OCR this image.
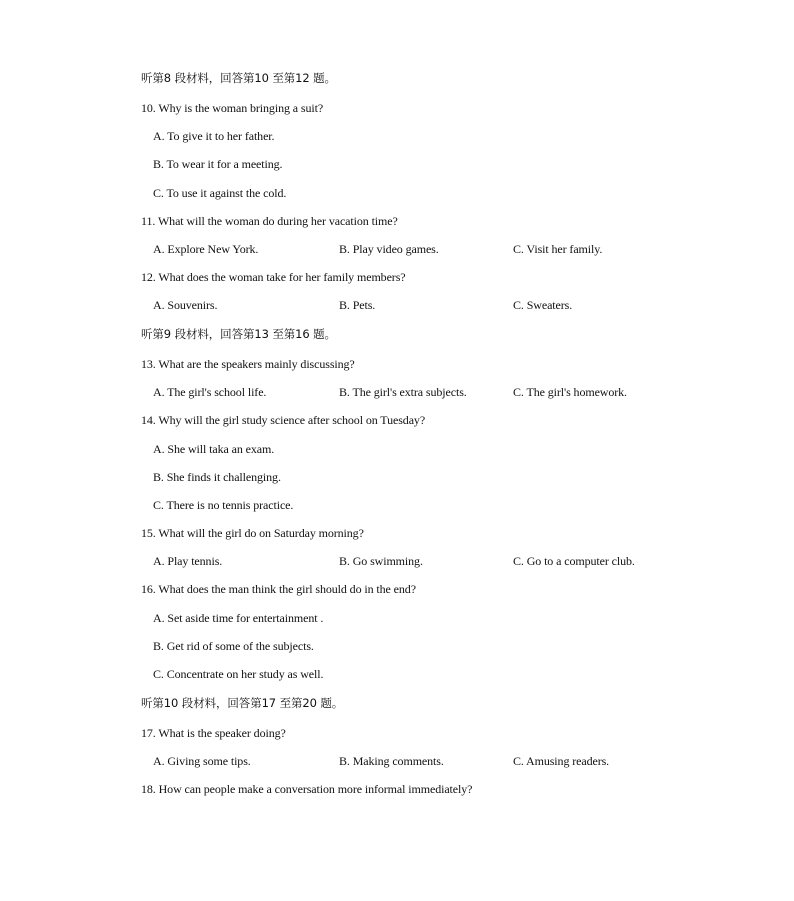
听第8 段材料，回答第10 至第12 题。
10. Why is the woman bringing a suit?
A. To give it to her father.
B. To wear it for a meeting.
C. To use it against the cold.
11. What will the woman do during her vacation time?
A. Explore New York.	B. Play video games.	C. Visit her family.
12. What does the woman take for her family members?
A. Souvenirs.	B. Pets.	C. Sweaters.
听第9 段材料，回答第13 至第16 题。
13. What are the speakers mainly discussing?
A. The girl's school life.	B. The girl's extra subjects.	C. The girl's homework.
14. Why will the girl study science after school on Tuesday?
A. She will taka an exam.
B. She finds it challenging.
C. There is no tennis practice.
15. What will the girl do on Saturday morning?
A. Play tennis.	B. Go swimming.	C. Go to a computer club.
16. What does the man think the girl should do in the end?
A. Set aside time for entertainment .
B. Get rid of some of the subjects.
C. Concentrate on her study as well.
听第10 段材料，回答第17 至第20 题。
17. What is the speaker doing?
A. Giving some tips.	B. Making comments.	C. Amusing readers.
18. How can people make a conversation more informal immediately?
